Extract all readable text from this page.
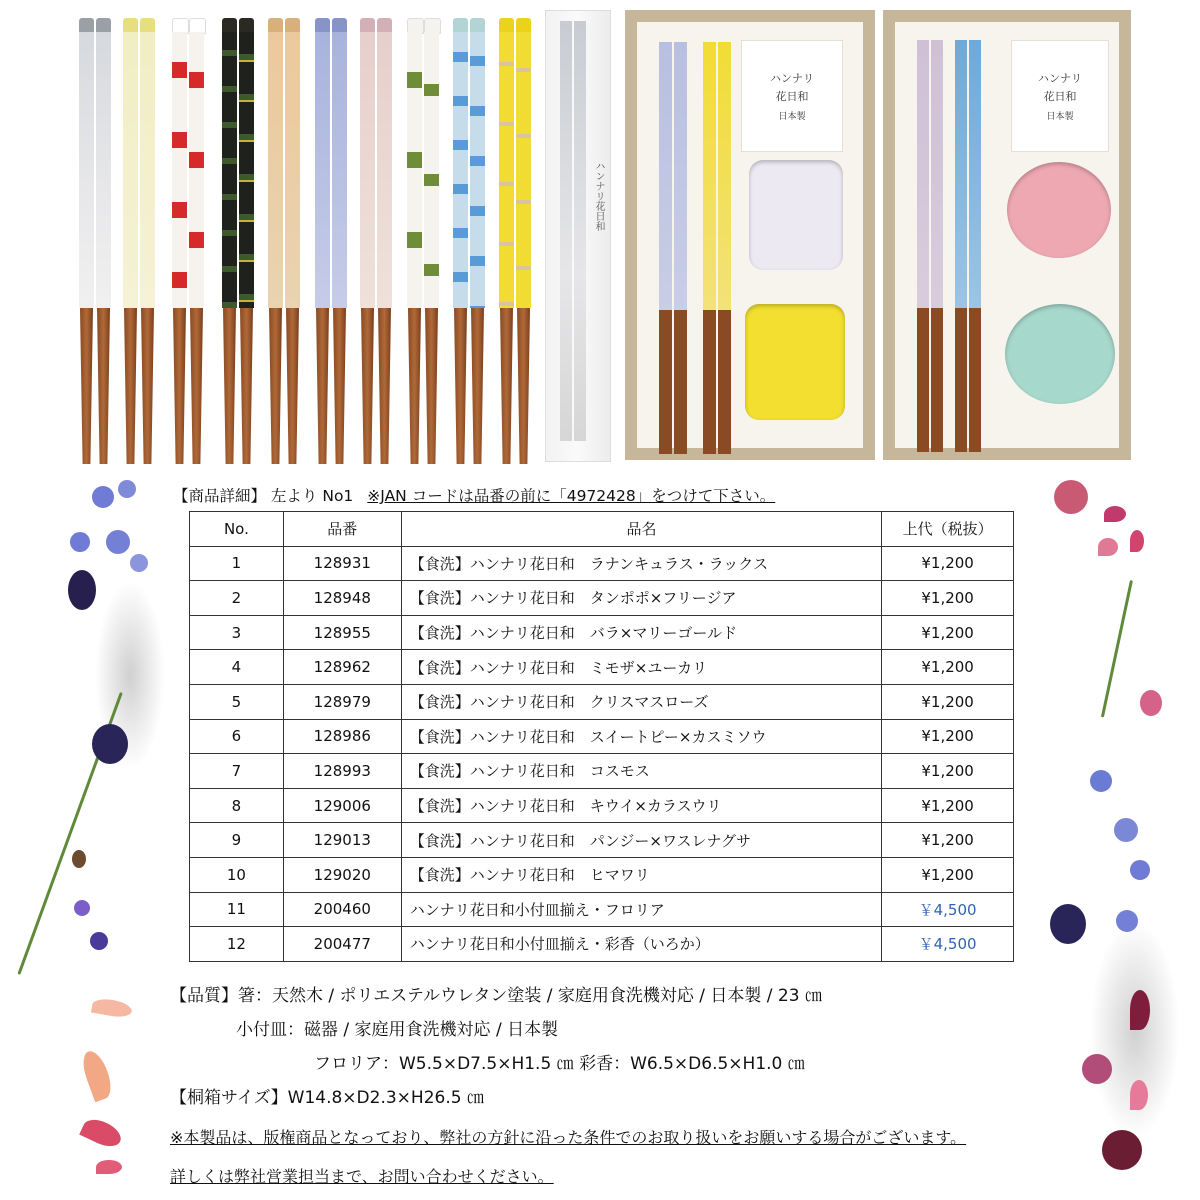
ハンナリ花日和
ハンナリ
花日和
日本製
ハンナリ
花日和
日本製
【商品詳細】 左より No1 ※JAN コードは品番の前に「4972428」をつけて下さい。
No.	品番	品名	上代（税抜）
1	128931	【食洗】ハンナリ花日和　ラナンキュラス・ラックス	¥1,200
2	128948	【食洗】ハンナリ花日和　タンポポ×フリージア	¥1,200
3	128955	【食洗】ハンナリ花日和　バラ×マリーゴールド	¥1,200
4	128962	【食洗】ハンナリ花日和　ミモザ×ユーカリ	¥1,200
5	128979	【食洗】ハンナリ花日和　クリスマスローズ	¥1,200
6	128986	【食洗】ハンナリ花日和　スイートピー×カスミソウ	¥1,200
7	128993	【食洗】ハンナリ花日和　コスモス	¥1,200
8	129006	【食洗】ハンナリ花日和　キウイ×カラスウリ	¥1,200
9	129013	【食洗】ハンナリ花日和　パンジー×ワスレナグサ	¥1,200
10	129020	【食洗】ハンナリ花日和　ヒマワリ	¥1,200
11	200460	ハンナリ花日和小付皿揃え・フロリア	￥4,500
12	200477	ハンナリ花日和小付皿揃え・彩香（いろか）	￥4,500
【品質】箸：天然木 / ポリエステルウレタン塗装 / 家庭用食洗機対応 / 日本製 / 23 ㎝
小付皿：磁器 / 家庭用食洗機対応 / 日本製
フロリア：W5.5×D7.5×H1.5 ㎝ 彩香：W6.5×D6.5×H1.0 ㎝
【桐箱サイズ】W14.8×D2.3×H26.5 ㎝
※本製品は、版権商品となっており、弊社の方針に沿った条件でのお取り扱いをお願いする場合がございます。
詳しくは弊社営業担当まで、お問い合わせください。
